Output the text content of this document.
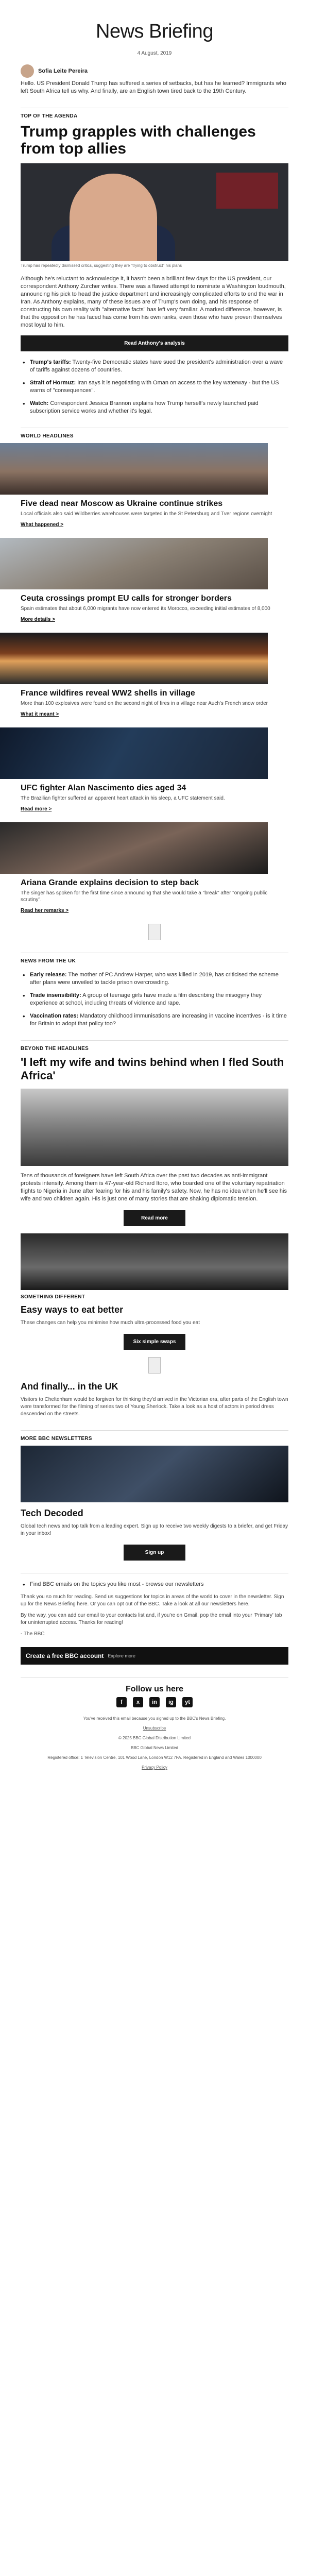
News Briefing
4 August, 2019
Sofia Leite Pereira

Hello. US President Donald Trump has suffered a series of setbacks, but has he learned? Immigrants who left South Africa tell us why. And finally, are an English town tired back to the 19th Century.

TOP OF THE AGENDA
Trump grapples with challenges from top allies
Trump has repeatedly dismissed critics, suggesting they are "trying to obstruct" his plans

Although he's reluctant to acknowledge it, it hasn't been a brilliant few days for the US president, our correspondent Anthony Zurcher writes. There was a flawed attempt to nominate a Washington loudmouth, announcing his pick to head the justice department and increasingly complicated efforts to end the war in Iran. As Anthony explains, many of these issues are of Trump's own doing, and his response of constructing his own reality with "alternative facts" has left very familiar. A marked difference, however, is that the opposition he has faced has come from his own ranks, even those who have proven themselves most loyal to him.

Read Anthony's analysis
• Trump's tariffs: Twenty-five Democratic states have sued the president's administration over a wave of tariffs against dozens of countries.
• Strait of Hormuz: Iran says it is negotiating with Oman on access to the key waterway - but the US warns of "consequences".
• Watch: Correspondent Jessica Brannon explains how Trump herself's newly launched paid subscription service works and whether it's legal.
WORLD HEADLINES
Five dead near Moscow as Ukraine continue strikes

Local officials also said Wildberries warehouses were targeted in the St Petersburg and Tver regions overnight

What happened >
Ceuta crossings prompt EU calls for stronger borders

Spain estimates that about 6,000 migrants have now entered its Morocco, exceeding initial estimates of 8,000

More details >
France wildfires reveal WW2 shells in village

More than 100 explosives were found on the second night of fires in a village near Auch's French snow order

What it meant >
UFC fighter Alan Nascimento dies aged 34

The Brazilian fighter suffered an apparent heart attack in his sleep, a UFC statement said.

Read more >
Ariana Grande explains decision to step back

The singer has spoken for the first time since announcing that she would take a "break" after "ongoing public scrutiny".

Read her remarks >
NEWS FROM THE UK
• Early release: The mother of PC Andrew Harper, who was killed in 2019, has criticised the scheme after plans were unveiled to tackle prison overcrowding.
• Trade insensibility: A group of teenage girls have made a film describing the misogyny they experience at school, including threats of violence and rape.
• Vaccination rates: Mandatory childhood immunisations are increasing in vaccine incentives - is it time for Britain to adopt that policy too?
BEYOND THE HEADLINES
'I left my wife and twins behind when I fled South Africa'

Tens of thousands of foreigners have left South Africa over the past two decades as anti-immigrant protests intensify. Among them is 47-year-old Richard Itoro, who boarded one of the voluntary repatriation flights to Nigeria in June after fearing for his and his family's safety. Now, he has no idea when he'll see his wife and two children again. His is just one of many stories that are shaking diplomatic tension.

Read more
SOMETHING DIFFERENT
Easy ways to eat better

These changes can help you minimise how much ultra-processed food you eat

Six simple swaps
And finally... in the UK

Visitors to Cheltenham would be forgiven for thinking they'd arrived in the Victorian era, after parts of the English town were transformed for the filming of series two of Young Sherlock. Take a look as a host of actors in period dress descended on the streets.

MORE BBC NEWSLETTERS
Tech Decoded

Global tech news and top talk from a leading expert. Sign up to receive two weekly digests to a briefer, and get Friday in your inbox!

Sign up
• Find BBC emails on the topics you like most - browse our newsletters

Thank you so much for reading. Send us suggestions for topics in areas of the world to cover in the newsletter. Sign up for the News Briefing here. Or you can opt out of the BBC. Take a look at all our newsletters here.

By the way, you can add our email to your contacts list and, if you're on Gmail, pop the email into your 'Primary' tab for uninterrupted access. Thanks for reading!

- The BBC

Create a free BBC account Explore more
Follow us here
f	x	in	ig	yt

You've received this email because you signed up to the BBC's News Briefing.

Unsubscribe

© 2025 BBC Global Distribution Limited

BBC Global News Limited

Registered office: 1 Television Centre, 101 Wood Lane, London W12 7FA. Registered in England and Wales 1000000

Privacy Policy
